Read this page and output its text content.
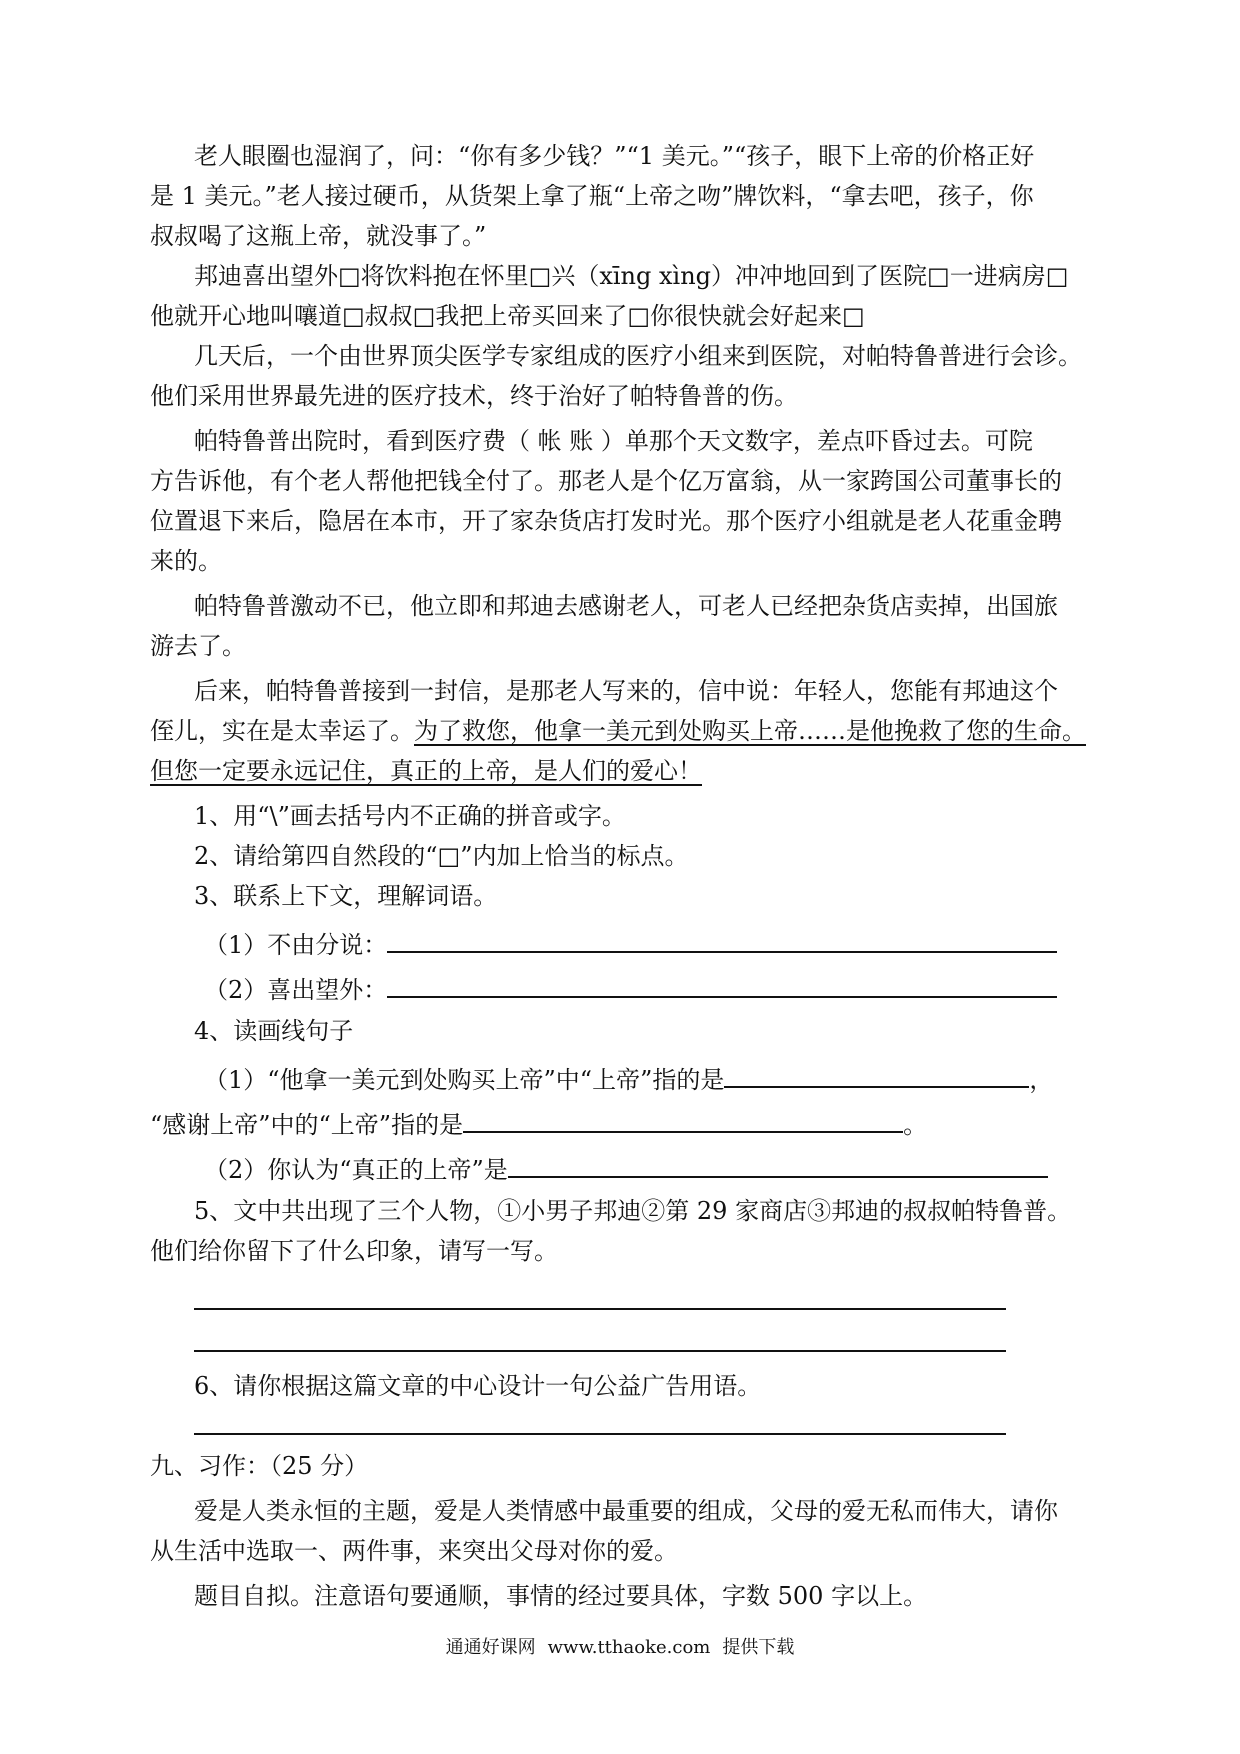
老人眼圈也湿润了，问：“你有多少钱？”“1 美元。”“孩子，眼下上帝的价格正好
是 1 美元。”老人接过硬币，从货架上拿了瓶“上帝之吻”牌饮料，“拿去吧，孩子，你
叔叔喝了这瓶上帝，就没事了。”
邦迪喜出望外□将饮料抱在怀里□兴（xīng xìng）冲冲地回到了医院□一进病房□
他就开心地叫嚷道□叔叔□我把上帝买回来了□你很快就会好起来□
几天后，一个由世界顶尖医学专家组成的医疗小组来到医院，对帕特鲁普进行会诊。
他们采用世界最先进的医疗技术，终于治好了帕特鲁普的伤。
帕特鲁普出院时，看到医疗费（ 帐 账 ）单那个天文数字，差点吓昏过去。可院
方告诉他，有个老人帮他把钱全付了。那老人是个亿万富翁，从一家跨国公司董事长的
位置退下来后，隐居在本市，开了家杂货店打发时光。那个医疗小组就是老人花重金聘
来的。
帕特鲁普激动不已，他立即和邦迪去感谢老人，可老人已经把杂货店卖掉，出国旅
游去了。
后来，帕特鲁普接到一封信，是那老人写来的，信中说：年轻人，您能有邦迪这个
侄儿，实在是太幸运了。为了救您，他拿一美元到处购买上帝……是他挽救了您的生命。
但您一定要永远记住，真正的上帝，是人们的爱心！
1、用“\”画去括号内不正确的拼音或字。
2、请给第四自然段的“□”内加上恰当的标点。
3、联系上下文，理解词语。
（1）不由分说：
（2）喜出望外：
4、读画线句子
（1）“他拿一美元到处购买上帝”中“上帝”指的是	，
“感谢上帝”中的“上帝”指的是	。
（2）你认为“真正的上帝”是
5、文中共出现了三个人物，①小男子邦迪②第 29 家商店③邦迪的叔叔帕特鲁普。
他们给你留下了什么印象，请写一写。
6、请你根据这篇文章的中心设计一句公益广告用语。
九、习作：（25 分）
爱是人类永恒的主题，爱是人类情感中最重要的组成，父母的爱无私而伟大，请你
从生活中选取一、两件事，来突出父母对你的爱。
题目自拟。注意语句要通顺，事情的经过要具体，字数 500 字以上。
通通好课网 www.tthaoke.com 提供下载
